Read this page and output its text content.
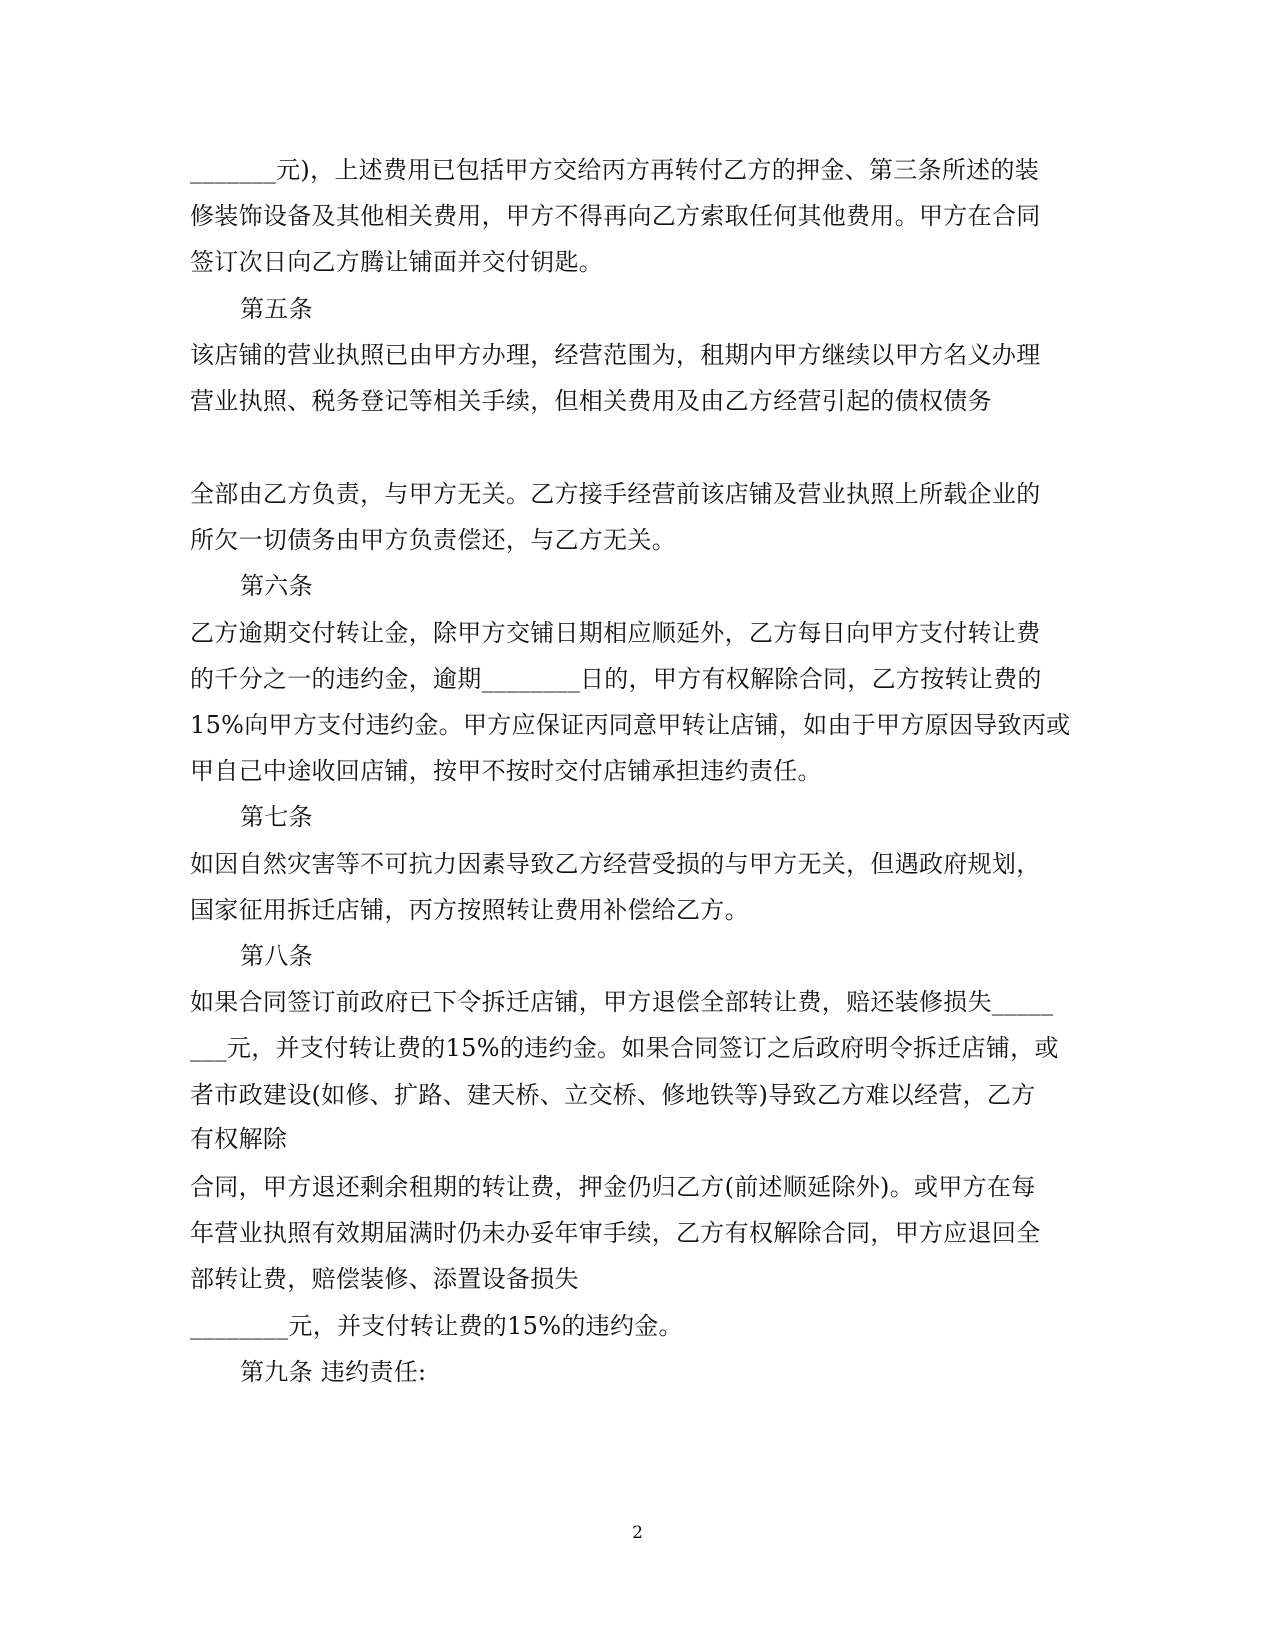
_______元)，上述费用已包括甲方交给丙方再转付乙方的押金、第三条所述的装
修装饰设备及其他相关费用，甲方不得再向乙方索取任何其他费用。甲方在合同
签订次日向乙方腾让铺面并交付钥匙。
第五条
该店铺的营业执照已由甲方办理，经营范围为，租期内甲方继续以甲方名义办理
营业执照、税务登记等相关手续，但相关费用及由乙方经营引起的债权债务
全部由乙方负责，与甲方无关。乙方接手经营前该店铺及营业执照上所载企业的
所欠一切债务由甲方负责偿还，与乙方无关。
第六条
乙方逾期交付转让金，除甲方交铺日期相应顺延外，乙方每日向甲方支付转让费
的千分之一的违约金，逾期________日的，甲方有权解除合同，乙方按转让费的
15%向甲方支付违约金。甲方应保证丙同意甲转让店铺，如由于甲方原因导致丙或
甲自己中途收回店铺，按甲不按时交付店铺承担违约责任。
第七条
如因自然灾害等不可抗力因素导致乙方经营受损的与甲方无关，但遇政府规划，
国家征用拆迁店铺，丙方按照转让费用补偿给乙方。
第八条
如果合同签订前政府已下令拆迁店铺，甲方退偿全部转让费，赔还装修损失_____
___元，并支付转让费的15%的违约金。如果合同签订之后政府明令拆迁店铺，或
者市政建设(如修、扩路、建天桥、立交桥、修地铁等)导致乙方难以经营，乙方
有权解除
合同，甲方退还剩余租期的转让费，押金仍归乙方(前述顺延除外)。或甲方在每
年营业执照有效期届满时仍未办妥年审手续，乙方有权解除合同，甲方应退回全
部转让费，赔偿装修、添置设备损失
________元，并支付转让费的15%的违约金。
第九条 违约责任:
2
